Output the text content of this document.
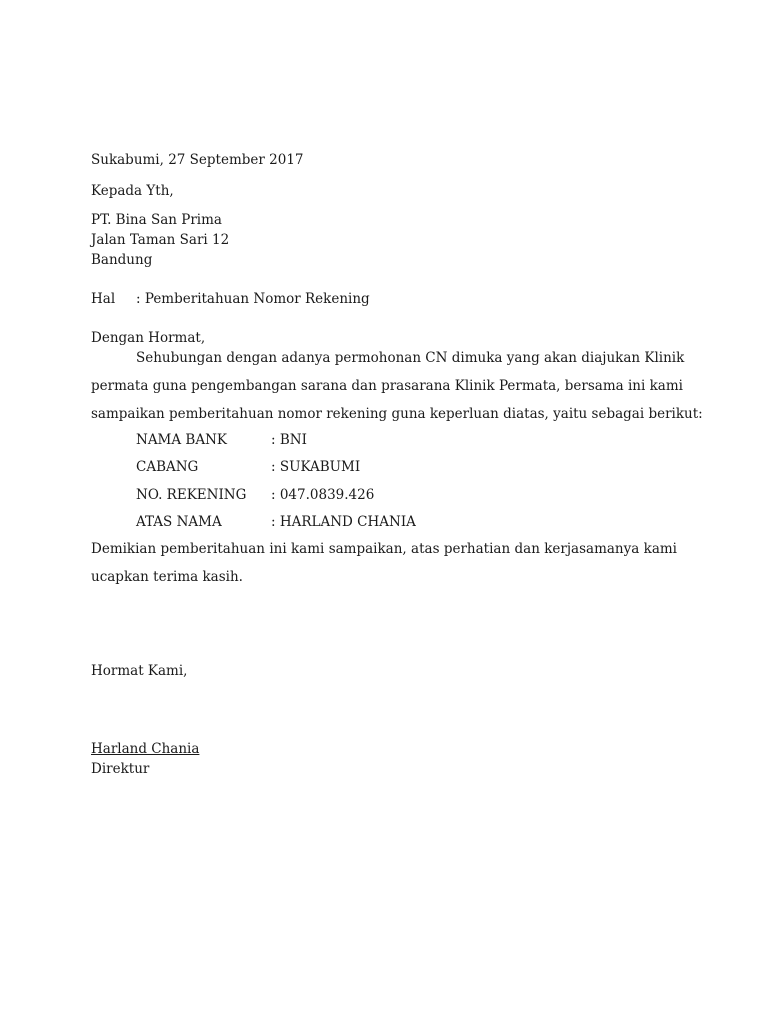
Sukabumi, 27 September 2017
Kepada Yth,
PT. Bina San Prima
Jalan Taman Sari 12
Bandung
Hal : Pemberitahuan Nomor Rekening
Dengan Hormat,
Sehubungan dengan adanya permohonan CN dimuka yang akan diajukan Klinik
permata guna pengembangan sarana dan prasarana Klinik Permata, bersama ini kami
sampaikan pemberitahuan nomor rekening guna keperluan diatas, yaitu sebagai berikut:
NAMA BANK	: BNI
CABANG	: SUKABUMI
NO. REKENING : 047.0839.426
ATAS NAMA	: HARLAND CHANIA
Demikian pemberitahuan ini kami sampaikan, atas perhatian dan kerjasamanya kami
ucapkan terima kasih.
Hormat Kami,
Harland Chania
Direktur
